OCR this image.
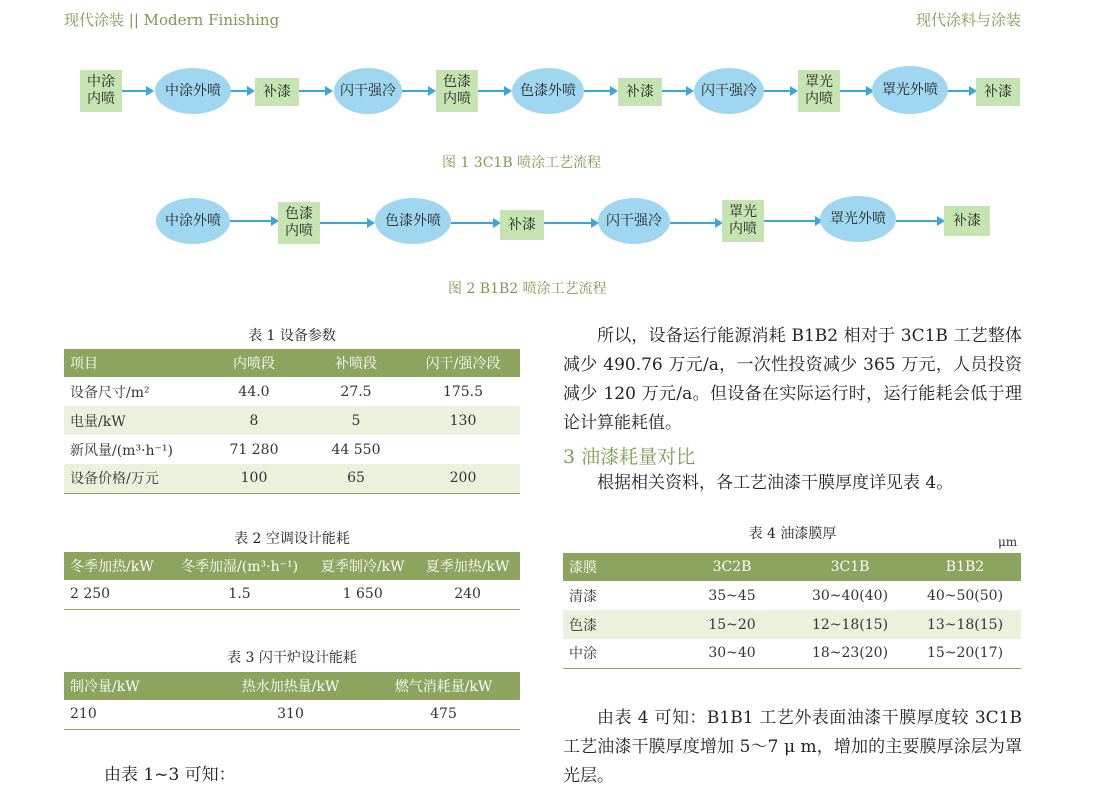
现代涂装 || Modern Finishing	现代涂料与涂装
中涂
内喷
中涂外喷	补漆	闪干强冷
色漆
内喷
色漆外喷	补漆	闪干强冷
罩光
内喷
罩光外喷	补漆
图 1 3C1B 喷涂工艺流程
中涂外喷	色漆
内喷
色漆外喷	补漆	闪干强冷
罩光
内喷
罩光外喷	补漆
图 2 B1B2 喷涂工艺流程
表 1 设备参数
项目	内喷段	补喷段	闪干/强冷段
设备尺寸/m²	44.0	27.5	175.5
电量/kW	8	5	130
新风量/(m³·h⁻¹)	71 280	44 550	
设备价格/万元	100	65	200
表 2 空调设计能耗
冬季加热/kW	冬季加湿/(m³·h⁻¹)	夏季制冷/kW	夏季加热/kW
2 250	1.5	1 650	240
表 3 闪干炉设计能耗
制冷量/kW	热水加热量/kW	燃气消耗量/kW
210	310	475
由表 1~3 可知：
所以，设备运行能源消耗 B1B2 相对于 3C1B 工艺整体减少 490.76 万元/a，一次性投资减少 365 万元，人员投资减少 120 万元/a。但设备在实际运行时，运行能耗会低于理论计算能耗值。
3 油漆耗量对比
根据相关资料，各工艺油漆干膜厚度详见表 4。
表 4 油漆膜厚	μm
漆膜	3C2B	3C1B	B1B2
清漆	35~45	30~40(40)	40~50(50)
色漆	15~20	12~18(15)	13~18(15)
中涂	30~40	18~23(20)	15~20(17)
由表 4 可知：B1B1 工艺外表面油漆干膜厚度较 3C1B 工艺油漆干膜厚度增加 5～7 μ m，增加的主要膜厚涂层为罩光层。
